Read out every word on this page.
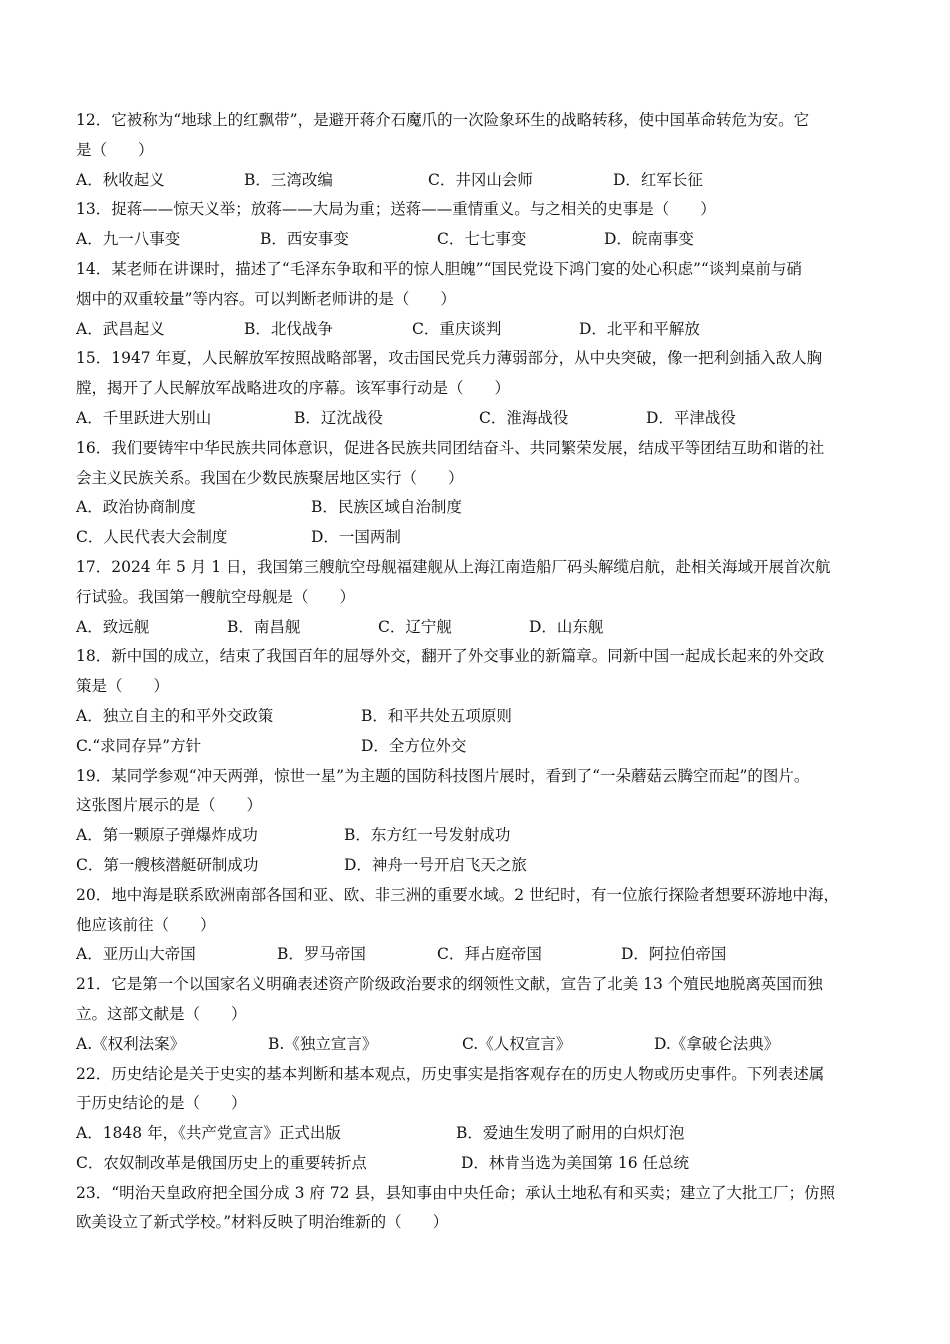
12．它被称为“地球上的红飘带”，是避开蒋介石魔爪的一次险象环生的战略转移，使中国革命转危为安。它
是（　　）
A．秋收起义	B．三湾改编	C．井冈山会师	D．红军长征
13．捉蒋——惊天义举；放蒋——大局为重；送蒋——重情重义。与之相关的史事是（　　）
A．九一八事变	B．西安事变	C．七七事变	D．皖南事变
14．某老师在讲课时，描述了“毛泽东争取和平的惊人胆魄”“国民党设下鸿门宴的处心积虑”“谈判桌前与硝
烟中的双重较量”等内容。可以判断老师讲的是（　　）
A．武昌起义	B．北伐战争	C．重庆谈判	D．北平和平解放
15．1947 年夏，人民解放军按照战略部署，攻击国民党兵力薄弱部分，从中央突破，像一把利剑插入敌人胸
膛，揭开了人民解放军战略进攻的序幕。该军事行动是（　　）
A．千里跃进大别山	B．辽沈战役	C．淮海战役	D．平津战役
16．我们要铸牢中华民族共同体意识，促进各民族共同团结奋斗、共同繁荣发展，结成平等团结互助和谐的社
会主义民族关系。我国在少数民族聚居地区实行（　　）
A．政治协商制度	B．民族区域自治制度
C．人民代表大会制度	D．一国两制
17．2024 年 5 月 1 日，我国第三艘航空母舰福建舰从上海江南造船厂码头解缆启航，赴相关海域开展首次航
行试验。我国第一艘航空母舰是（　　）
A．致远舰	B．南昌舰	C．辽宁舰	D．山东舰
18．新中国的成立，结束了我国百年的屈辱外交，翻开了外交事业的新篇章。同新中国一起成长起来的外交政
策是（　　）
A．独立自主的和平外交政策	B．和平共处五项原则
C.“求同存异”方针	D．全方位外交
19．某同学参观“冲天两弹，惊世一星”为主题的国防科技图片展时，看到了“一朵蘑菇云腾空而起”的图片。
这张图片展示的是（　　）
A．第一颗原子弹爆炸成功	B．东方红一号发射成功
C．第一艘核潜艇研制成功	D．神舟一号开启飞天之旅
20．地中海是联系欧洲南部各国和亚、欧、非三洲的重要水域。2 世纪时，有一位旅行探险者想要环游地中海，
他应该前往（　　）
A．亚历山大帝国	B．罗马帝国	C．拜占庭帝国	D．阿拉伯帝国
21．它是第一个以国家名义明确表述资产阶级政治要求的纲领性文献，宣告了北美 13 个殖民地脱离英国而独
立。这部文献是（　　）
A.《权利法案》	B.《独立宣言》	C.《人权宣言》	D.《拿破仑法典》
22．历史结论是关于史实的基本判断和基本观点，历史事实是指客观存在的历史人物或历史事件。下列表述属
于历史结论的是（　　）
A．1848 年，《共产党宣言》正式出版	B．爱迪生发明了耐用的白炽灯泡
C．农奴制改革是俄国历史上的重要转折点	D．林肯当选为美国第 16 任总统
23．“明治天皇政府把全国分成 3 府 72 县，县知事由中央任命；承认土地私有和买卖；建立了大批工厂；仿照
欧美设立了新式学校。”材料反映了明治维新的（　　）
